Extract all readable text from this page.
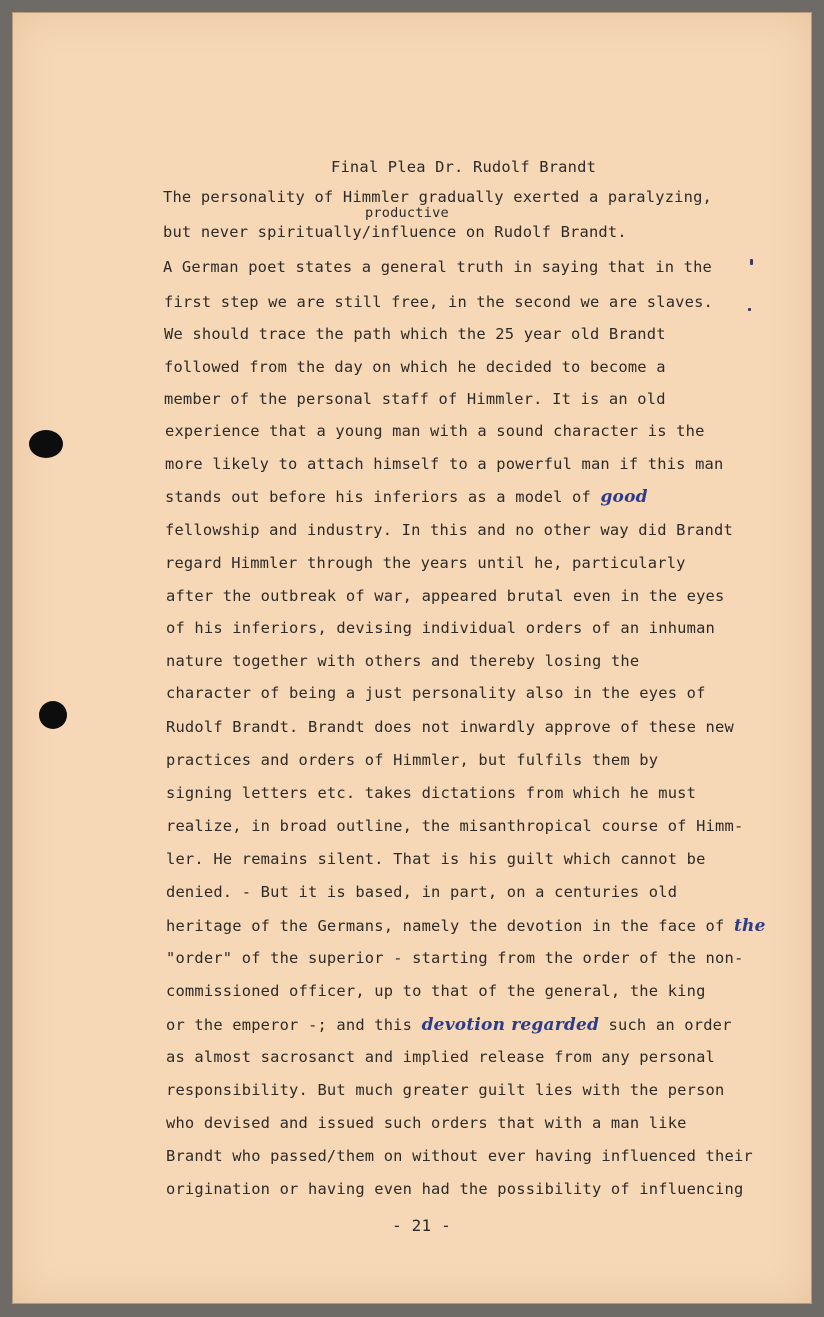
Final Plea Dr. Rudolf Brandt
productive
The personality of Himmler gradually exerted a paralyzing,
but never spiritually/influence on Rudolf Brandt.
A German poet states a general truth in saying that in the
first step we are still free, in the second we are slaves.
We should trace the path which the 25 year old Brandt
followed from the day on which he decided to become a
member of the personal staff of Himmler. It is an old
experience that a young man with a sound character is the
more likely to attach himself to a powerful man if this man
stands out before his inferiors as a model of good
fellowship and industry. In this and no other way did Brandt
regard Himmler through the years until he, particularly
after the outbreak of war, appeared brutal even in the eyes
of his inferiors, devising individual orders of an inhuman
nature together with others and thereby losing the
character of being a just personality also in the eyes of
Rudolf Brandt. Brandt does not inwardly approve of these new
practices and orders of Himmler, but fulfils them by
signing letters etc. takes dictations from which he must
realize, in broad outline, the misanthropical course of Himm-
ler. He remains silent. That is his guilt which cannot be
denied. - But it is based, in part, on a centuries old
heritage of the Germans, namely the devotion in the face of the
"order" of the superior - starting from the order of the non-
commissioned officer, up to that of the general, the king
or the emperor -; and this devotion regarded such an order
as almost sacrosanct and implied release from any personal
responsibility. But much greater guilt lies with the person
who devised and issued such orders that with a man like
Brandt who passed/them on without ever having influenced their
origination or having even had the possibility of influencing
- 21 -
